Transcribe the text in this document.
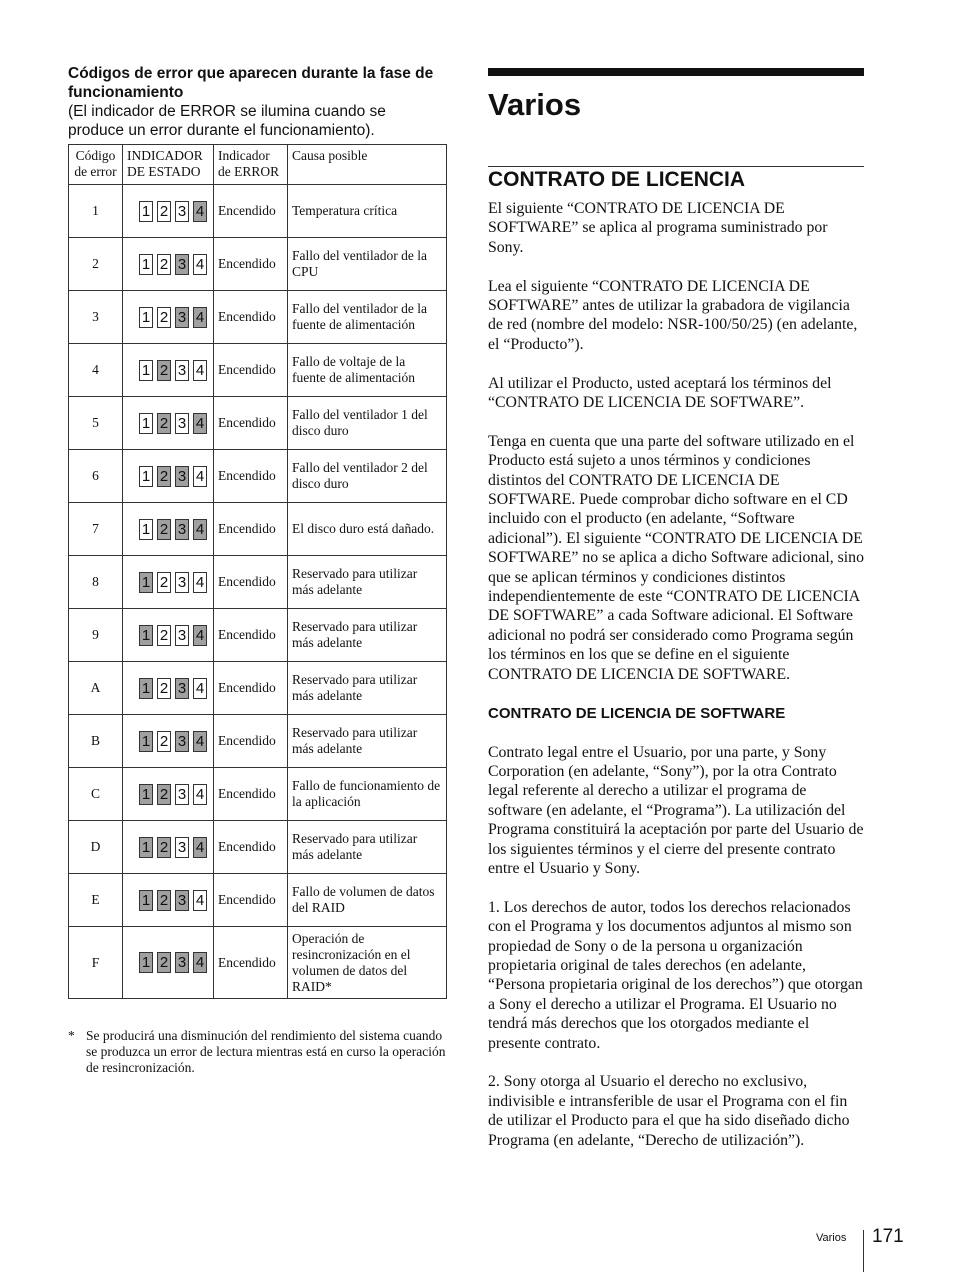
Códigos de error que aparecen durante la fase de funcionamiento

(El indicador de ERROR se ilumina cuando se produce un error durante el funcionamiento).

Código de error	INDICADOR DE ESTADO	Indicador de ERROR	Causa posible
1	1 2 3 4	Encendido	Temperatura crítica
2	1 2 3 4	Encendido	Fallo del ventilador de la CPU
3	1 2 3 4	Encendido	Fallo del ventilador de la fuente de alimentación
4	1 2 3 4	Encendido	Fallo de voltaje de la fuente de alimentación
5	1 2 3 4	Encendido	Fallo del ventilador 1 del disco duro
6	1 2 3 4	Encendido	Fallo del ventilador 2 del disco duro
7	1 2 3 4	Encendido	El disco duro está dañado.
8	1 2 3 4	Encendido	Reservado para utilizar más adelante
9	1 2 3 4	Encendido	Reservado para utilizar más adelante
A	1 2 3 4	Encendido	Reservado para utilizar más adelante
B	1 2 3 4	Encendido	Reservado para utilizar más adelante
C	1 2 3 4	Encendido	Fallo de funcionamiento de la aplicación
D	1 2 3 4	Encendido	Reservado para utilizar más adelante
E	1 2 3 4	Encendido	Fallo de volumen de datos del RAID
F	1 2 3 4	Encendido	Operación de resincronización en el volumen de datos del RAID*
* Se producirá una disminución del rendimiento del sistema cuando se produzca un error de lectura mientras está en curso la operación de resincronización.
Varios
CONTRATO DE LICENCIA

El siguiente “CONTRATO DE LICENCIA DE SOFTWARE” se aplica al programa suministrado por Sony.

Lea el siguiente “CONTRATO DE LICENCIA DE SOFTWARE” antes de utilizar la grabadora de vigilancia de red (nombre del modelo: NSR-100/50/25) (en adelante, el “Producto”).

Al utilizar el Producto, usted aceptará los términos del “CONTRATO DE LICENCIA DE SOFTWARE”.

Tenga en cuenta que una parte del software utilizado en el Producto está sujeto a unos términos y condiciones distintos del CONTRATO DE LICENCIA DE SOFTWARE. Puede comprobar dicho software en el CD incluido con el producto (en adelante, “Software adicional”). El siguiente “CONTRATO DE LICENCIA DE SOFTWARE” no se aplica a dicho Software adicional, sino que se aplican términos y condiciones distintos independientemente de este “CONTRATO DE LICENCIA DE SOFTWARE” a cada Software adicional. El Software adicional no podrá ser considerado como Programa según los términos en los que se define en el siguiente CONTRATO DE LICENCIA DE SOFTWARE.

CONTRATO DE LICENCIA DE SOFTWARE

Contrato legal entre el Usuario, por una parte, y Sony Corporation (en adelante, “Sony”), por la otra Contrato legal referente al derecho a utilizar el programa de software (en adelante, el “Programa”). La utilización del Programa constituirá la aceptación por parte del Usuario de los siguientes términos y el cierre del presente contrato entre el Usuario y Sony.

1. Los derechos de autor, todos los derechos relacionados con el Programa y los documentos adjuntos al mismo son propiedad de Sony o de la persona u organización propietaria original de tales derechos (en adelante, “Persona propietaria original de los derechos”) que otorgan a Sony el derecho a utilizar el Programa. El Usuario no tendrá más derechos que los otorgados mediante el presente contrato.

2. Sony otorga al Usuario el derecho no exclusivo, indivisible e intransferible de usar el Programa con el fin de utilizar el Producto para el que ha sido diseñado dicho Programa (en adelante, “Derecho de utilización”).

Varios 171
